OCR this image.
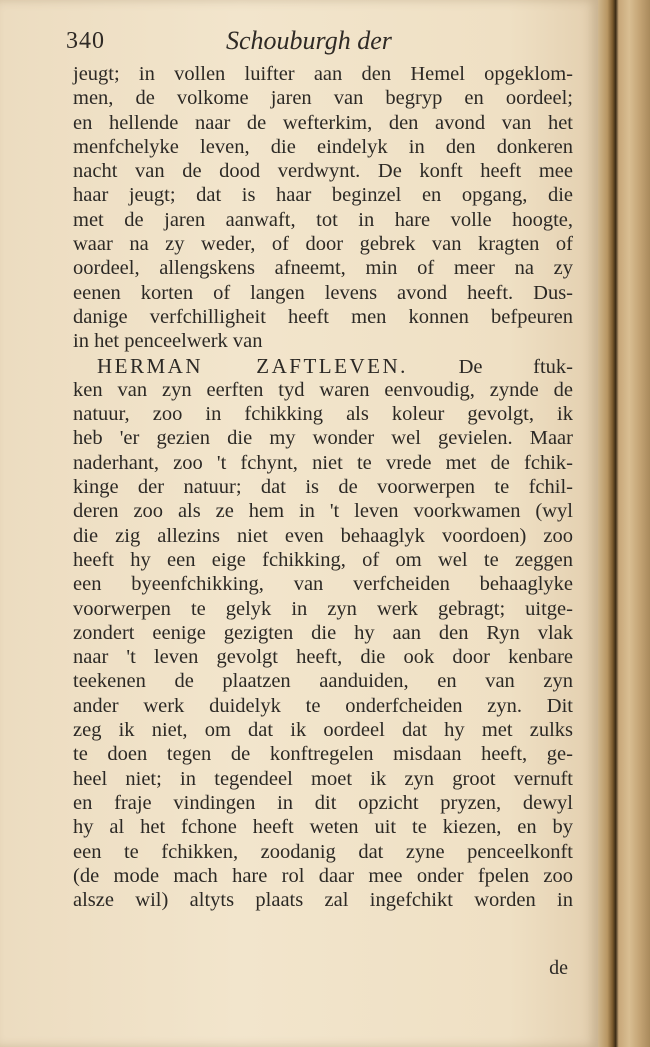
340	Schouburgh der
jeugt; in vollen luifter aan den Hemel opgeklom-
men, de volkome jaren van begryp en oordeel;
en hellende naar de wefterkim, den avond van het
menfchelyke leven, die eindelyk in den donkeren
nacht van de dood verdwynt. De konft heeft mee
haar jeugt; dat is haar beginzel en opgang, die
met de jaren aanwaft, tot in hare volle hoogte,
waar na zy weder, of door gebrek van kragten of
oordeel, allengskens afneemt, min of meer na zy
eenen korten of langen levens avond heeft. Dus-
danige verfchilligheit heeft men konnen befpeuren
in het penceelwerk van
HERMAN ZAFTLEVEN. De ftuk-
ken van zyn eerften tyd waren eenvoudig, zynde de
natuur, zoo in fchikking als koleur gevolgt, ik
heb 'er gezien die my wonder wel gevielen. Maar
naderhant, zoo 't fchynt, niet te vrede met de fchik-
kinge der natuur; dat is de voorwerpen te fchil-
deren zoo als ze hem in 't leven voorkwamen (wyl
die zig allezins niet even behaaglyk voordoen) zoo
heeft hy een eige fchikking, of om wel te zeggen
een byeenfchikking, van verfcheiden behaaglyke
voorwerpen te gelyk in zyn werk gebragt; uitge-
zondert eenige gezigten die hy aan den Ryn vlak
naar 't leven gevolgt heeft, die ook door kenbare
teekenen de plaatzen aanduiden, en van zyn
ander werk duidelyk te onderfcheiden zyn. Dit
zeg ik niet, om dat ik oordeel dat hy met zulks
te doen tegen de konftregelen misdaan heeft, ge-
heel niet; in tegendeel moet ik zyn groot vernuft
en fraje vindingen in dit opzicht pryzen, dewyl
hy al het fchone heeft weten uit te kiezen, en by
een te fchikken, zoodanig dat zyne penceelkonft
(de mode mach hare rol daar mee onder fpelen zoo
alsze wil) altyts plaats zal ingefchikt worden in
de
